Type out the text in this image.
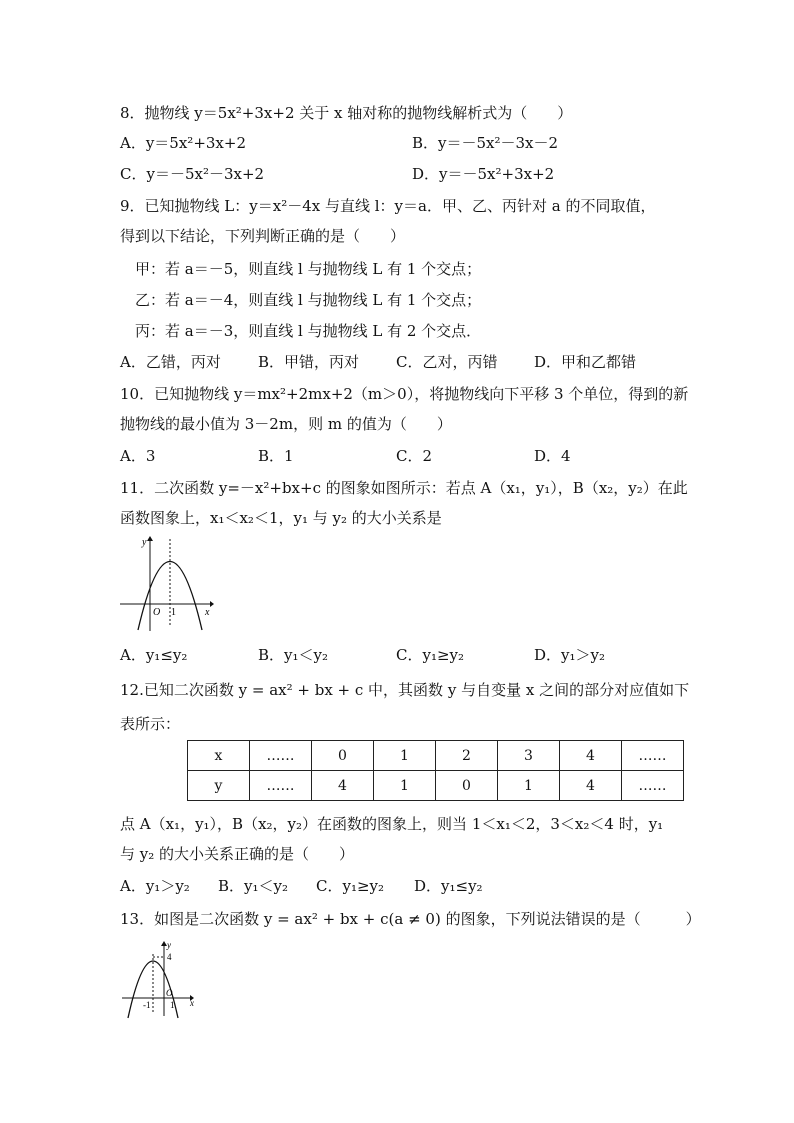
8．抛物线 y＝5x²+3x+2 关于 x 轴对称的抛物线解析式为（　　）
A．y＝5x²+3x+2	B．y＝－5x²－3x－2
C．y＝－5x²－3x+2	D．y＝－5x²+3x+2
9．已知抛物线 L：y＝x²－4x 与直线 l：y＝a．甲、乙、丙针对 a 的不同取值，
得到以下结论，下列判断正确的是（　　）
甲：若 a＝－5，则直线 l 与抛物线 L 有 1 个交点；
乙：若 a＝－4，则直线 l 与抛物线 L 有 1 个交点；
丙：若 a＝－3，则直线 l 与抛物线 L 有 2 个交点．
A．乙错，丙对 B．甲错，丙对 C．乙对，丙错 D．甲和乙都错
10．已知抛物线 y＝mx²+2mx+2（m＞0），将抛物线向下平移 3 个单位，得到的新
抛物线的最小值为 3－2m，则 m 的值为（　　）
A．3	B．1	C．2	D．4
11．二次函数 y=－x²+bx+c 的图象如图所示：若点 A（x₁，y₁），B（x₂，y₂）在此
函数图象上，x₁＜x₂＜1，y₁ 与 y₂ 的大小关系是
y
x
O 1
A．y₁≤y₂	B．y₁＜y₂	C．y₁≥y₂	D．y₁＞y₂
12.已知二次函数 y = ax² + bx + c 中，其函数 y 与自变量 x 之间的部分对应值如下
表所示：
x	……	0	1	2	3	4	……
y	……	4	1	0	1	4	……
点 A（x₁，y₁），B（x₂，y₂）在函数的图象上，则当 1＜x₁＜2，3＜x₂＜4 时，y₁
与 y₂ 的大小关系正确的是（　　）
A．y₁＞y₂ B．y₁＜y₂ C．y₁≥y₂ D．y₁≤y₂
13．如图是二次函数 y = ax² + bx + c(a ≠ 0) 的图象，下列说法错误的是（　　　）
y
x
4
O
-1 1
